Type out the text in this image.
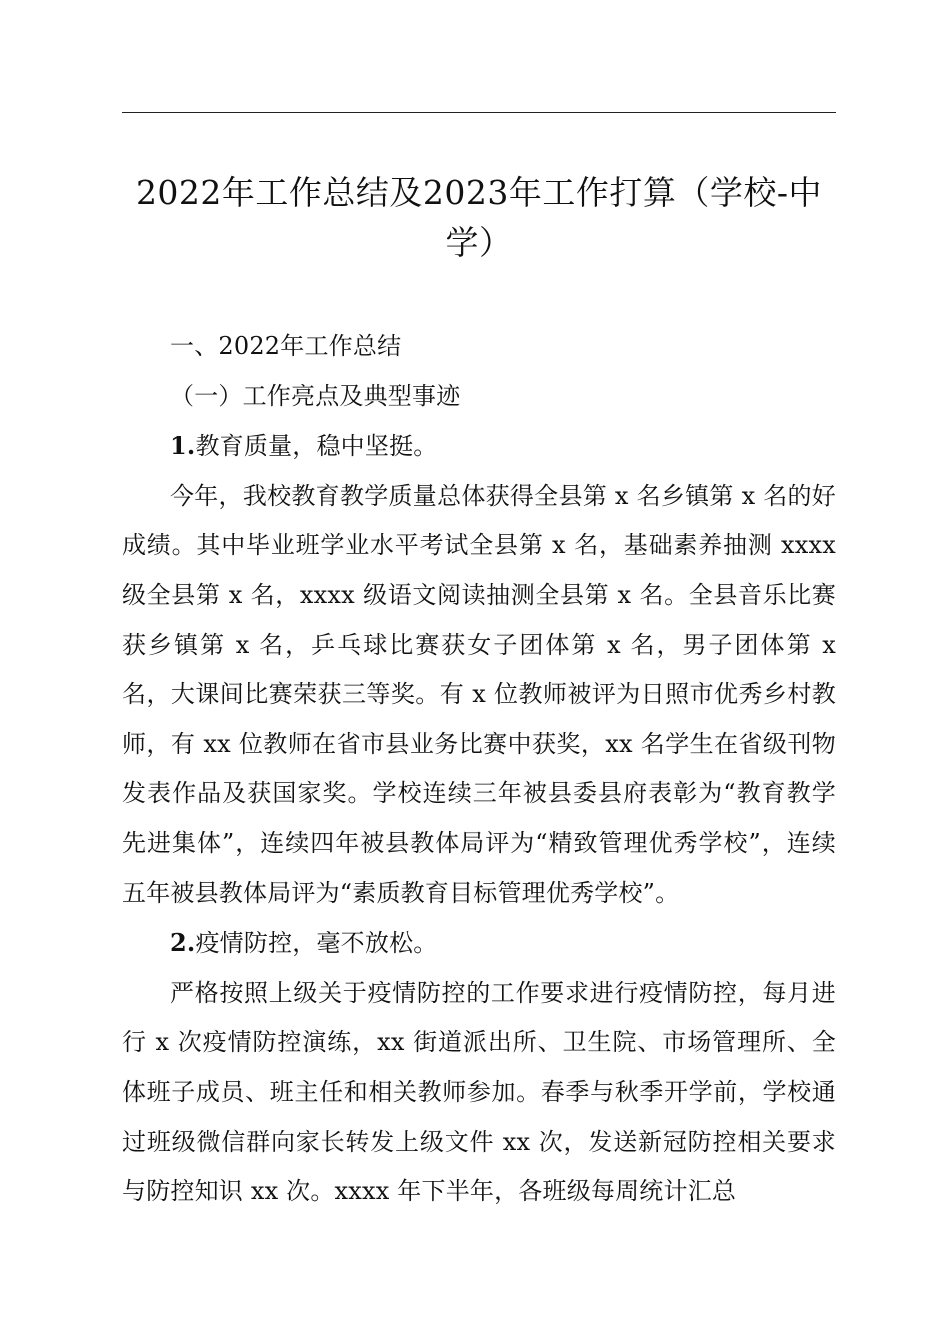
2022年工作总结及2023年工作打算（学校-中学）

一、2022年工作总结

（一）工作亮点及典型事迹

1.教育质量，稳中坚挺。

今年，我校教育教学质量总体获得全县第 x 名乡镇第 x 名的好成绩。其中毕业班学业水平考试全县第 x 名，基础素养抽测 xxxx 级全县第 x 名，xxxx 级语文阅读抽测全县第 x 名。全县音乐比赛获乡镇第 x 名，乒乓球比赛获女子团体第 x 名，男子团体第 x 名，大课间比赛荣获三等奖。有 x 位教师被评为日照市优秀乡村教师，有 xx 位教师在省市县业务比赛中获奖，xx 名学生在省级刊物发表作品及获国家奖。学校连续三年被县委县府表彰为“教育教学先进集体”，连续四年被县教体局评为“精致管理优秀学校”，连续五年被县教体局评为“素质教育目标管理优秀学校”。

2.疫情防控，毫不放松。

严格按照上级关于疫情防控的工作要求进行疫情防控，每月进行 x 次疫情防控演练，xx 街道派出所、卫生院、市场管理所、全体班子成员、班主任和相关教师参加。春季与秋季开学前，学校通过班级微信群向家长转发上级文件 xx 次，发送新冠防控相关要求与防控知识 xx 次。xxxx 年下半年，各班级每周统计汇总
